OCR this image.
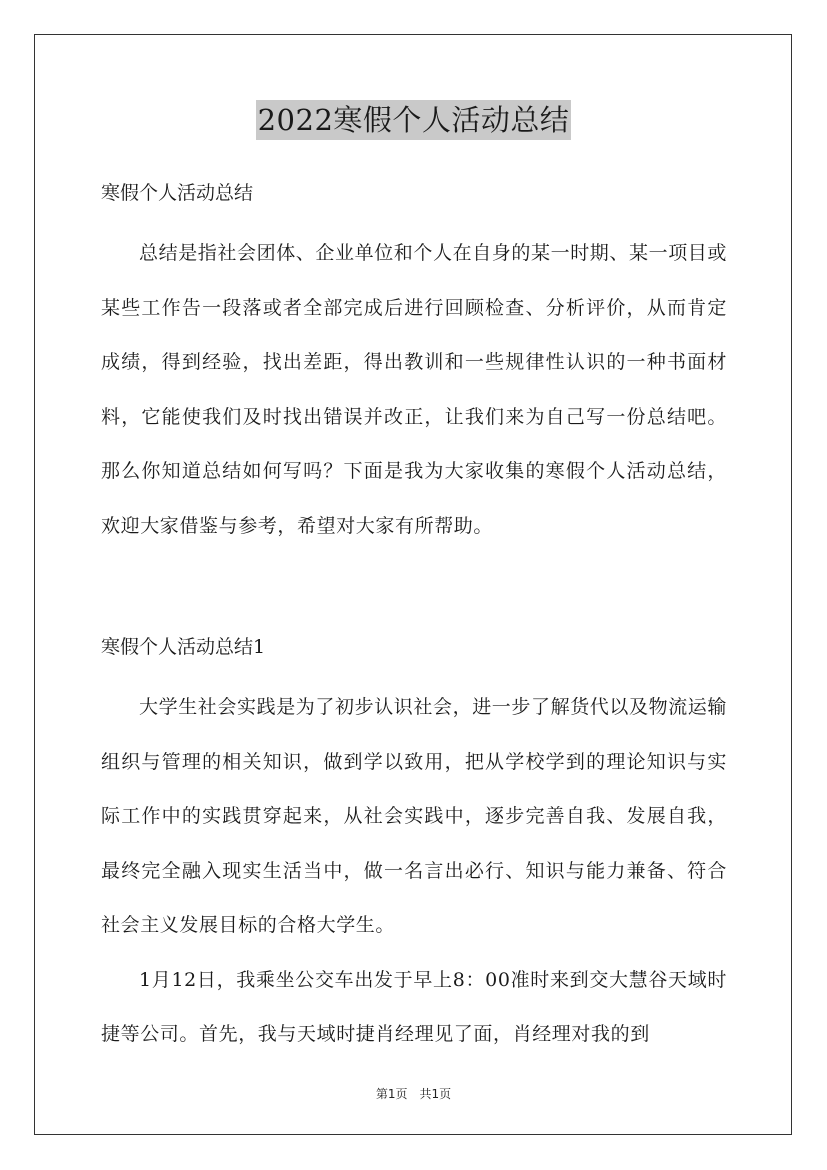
2022寒假个人活动总结

寒假个人活动总结

总结是指社会团体、企业单位和个人在自身的某一时期、某一项目或某些工作告一段落或者全部完成后进行回顾检查、分析评价，从而肯定成绩，得到经验，找出差距，得出教训和一些规律性认识的一种书面材料，它能使我们及时找出错误并改正，让我们来为自己写一份总结吧。那么你知道总结如何写吗？下面是我为大家收集的寒假个人活动总结，欢迎大家借鉴与参考，希望对大家有所帮助。

寒假个人活动总结1

大学生社会实践是为了初步认识社会，进一步了解货代以及物流运输组织与管理的相关知识，做到学以致用，把从学校学到的理论知识与实际工作中的实践贯穿起来，从社会实践中，逐步完善自我、发展自我，最终完全融入现实生活当中，做一名言出必行、知识与能力兼备、符合社会主义发展目标的合格大学生。

1月12日，我乘坐公交车出发于早上8：00准时来到交大慧谷天域时捷等公司。首先，我与天域时捷肖经理见了面，肖经理对我的到

第1页 共1页
